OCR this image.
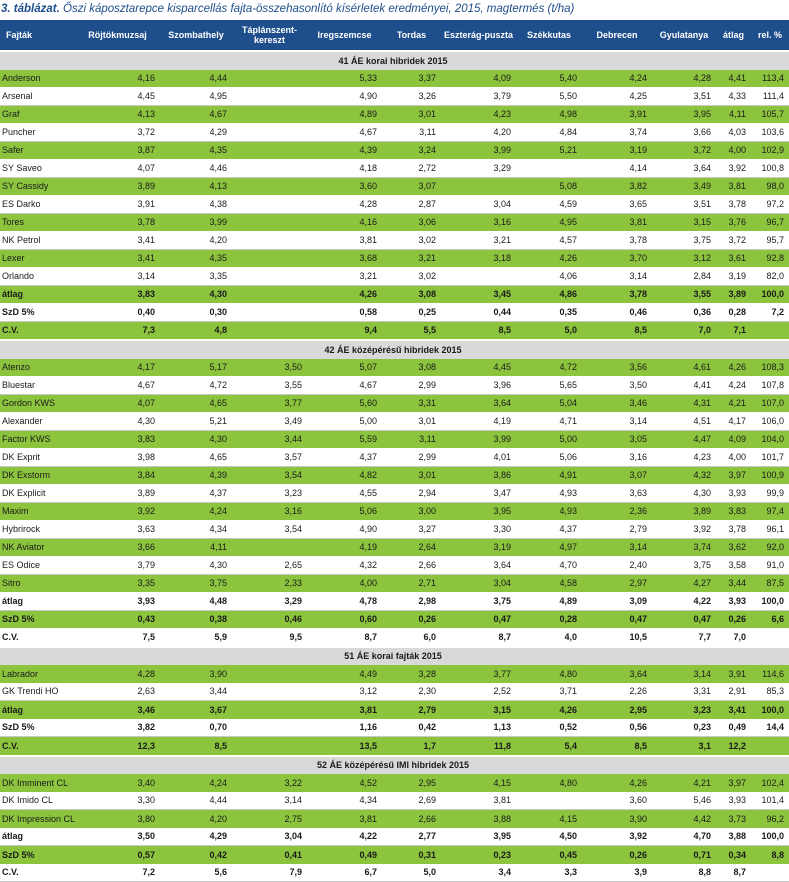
3. táblázat. Őszi káposztarepce kisparcellás fajta-összehasonlító kísérletek eredményei, 2015, magtermés (t/ha)
Fajták	Röjtökmuzsaj	Szombathely	Táplánszent-kereszt	Iregszemcse	Tordas	Eszterág-puszta	Székkutas	Debrecen	Gyulatanya	átlag	rel. %
41 ÁE korai hibridek 2015											
Anderson	4,16	4,44		5,33	3,37	4,09	5,40	4,24	4,28	4,41	113,4
Arsenal	4,45	4,95		4,90	3,26	3,79	5,50	4,25	3,51	4,33	111,4
Graf	4,13	4,67		4,89	3,01	4,23	4,98	3,91	3,95	4,11	105,7
Puncher	3,72	4,29		4,67	3,11	4,20	4,84	3,74	3,66	4,03	103,6
Safer	3,87	4,35		4,39	3,24	3,99	5,21	3,19	3,72	4,00	102,9
SY Saveo	4,07	4,46		4,18	2,72	3,29		4,14	3,64	3,92	100,8
SY Cassidy	3,89	4,13		3,60	3,07		5,08	3,82	3,49	3,81	98,0
ES Darko	3,91	4,38		4,28	2,87	3,04	4,59	3,65	3,51	3,78	97,2
Tores	3,78	3,99		4,16	3,06	3,16	4,95	3,81	3,15	3,76	96,7
NK Petrol	3,41	4,20		3,81	3,02	3,21	4,57	3,78	3,75	3,72	95,7
Lexer	3,41	4,35		3,68	3,21	3,18	4,26	3,70	3,12	3,61	92,8
Orlando	3,14	3,35		3,21	3,02		4,06	3,14	2,84	3,19	82,0
átlag	3,83	4,30		4,26	3,08	3,45	4,86	3,78	3,55	3,89	100,0
SzD 5%	0,40	0,30		0,58	0,25	0,44	0,35	0,46	0,36	0,28	7,2
C.V.	7,3	4,8		9,4	5,5	8,5	5,0	8,5	7,0	7,1	
42 ÁE középérésű hibridek 2015											
Atenzo	4,17	5,17	3,50	5,07	3,08	4,45	4,72	3,56	4,61	4,26	108,3
Bluestar	4,67	4,72	3,55	4,67	2,99	3,96	5,65	3,50	4,41	4,24	107,8
Gordon KWS	4,07	4,65	3,77	5,60	3,31	3,64	5,04	3,46	4,31	4,21	107,0
Alexander	4,30	5,21	3,49	5,00	3,01	4,19	4,71	3,14	4,51	4,17	106,0
Factor KWS	3,83	4,30	3,44	5,59	3,11	3,99	5,00	3,05	4,47	4,09	104,0
DK Exprit	3,98	4,65	3,57	4,37	2,99	4,01	5,06	3,16	4,23	4,00	101,7
DK Exstorm	3,84	4,39	3,54	4,82	3,01	3,86	4,91	3,07	4,32	3,97	100,9
DK Explicit	3,89	4,37	3,23	4,55	2,94	3,47	4,93	3,63	4,30	3,93	99,9
Maxim	3,92	4,24	3,16	5,06	3,00	3,95	4,93	2,36	3,89	3,83	97,4
Hybrirock	3,63	4,34	3,54	4,90	3,27	3,30	4,37	2,79	3,92	3,78	96,1
NK Aviator	3,66	4,11		4,19	2,64	3,19	4,97	3,14	3,74	3,62	92,0
ES Odice	3,79	4,30	2,65	4,32	2,66	3,64	4,70	2,40	3,75	3,58	91,0
Sitro	3,35	3,75	2,33	4,00	2,71	3,04	4,58	2,97	4,27	3,44	87,5
átlag	3,93	4,48	3,29	4,78	2,98	3,75	4,89	3,09	4,22	3,93	100,0
SzD 5%	0,43	0,38	0,46	0,60	0,26	0,47	0,28	0,47	0,47	0,26	6,6
C.V.	7,5	5,9	9,5	8,7	6,0	8,7	4,0	10,5	7,7	7,0	
51 ÁE korai fajták 2015											
Labrador	4,28	3,90		4,49	3,28	3,77	4,80	3,64	3,14	3,91	114,6
GK Trendi HO	2,63	3,44		3,12	2,30	2,52	3,71	2,26	3,31	2,91	85,3
átlag	3,46	3,67		3,81	2,79	3,15	4,26	2,95	3,23	3,41	100,0
SzD 5%	3,82	0,70		1,16	0,42	1,13	0,52	0,56	0,23	0,49	14,4
C.V.	12,3	8,5		13,5	1,7	11,8	5,4	8,5	3,1	12,2	
52 ÁE középérésű IMI hibridek 2015											
DK Imminent CL	3,40	4,24	3,22	4,52	2,95	4,15	4,80	4,26	4,21	3,97	102,4
DK Imido CL	3,30	4,44	3,14	4,34	2,69	3,81		3,60	5,46	3,93	101,4
DK Impression CL	3,80	4,20	2,75	3,81	2,66	3,88	4,15	3,90	4,42	3,73	96,2
átlag	3,50	4,29	3,04	4,22	2,77	3,95	4,50	3,92	4,70	3,88	100,0
SzD 5%	0,57	0,42	0,41	0,49	0,31	0,23	0,45	0,26	0,71	0,34	8,8
C.V.	7,2	5,6	7,9	6,7	5,0	3,4	3,3	3,9	8,8	8,7	
